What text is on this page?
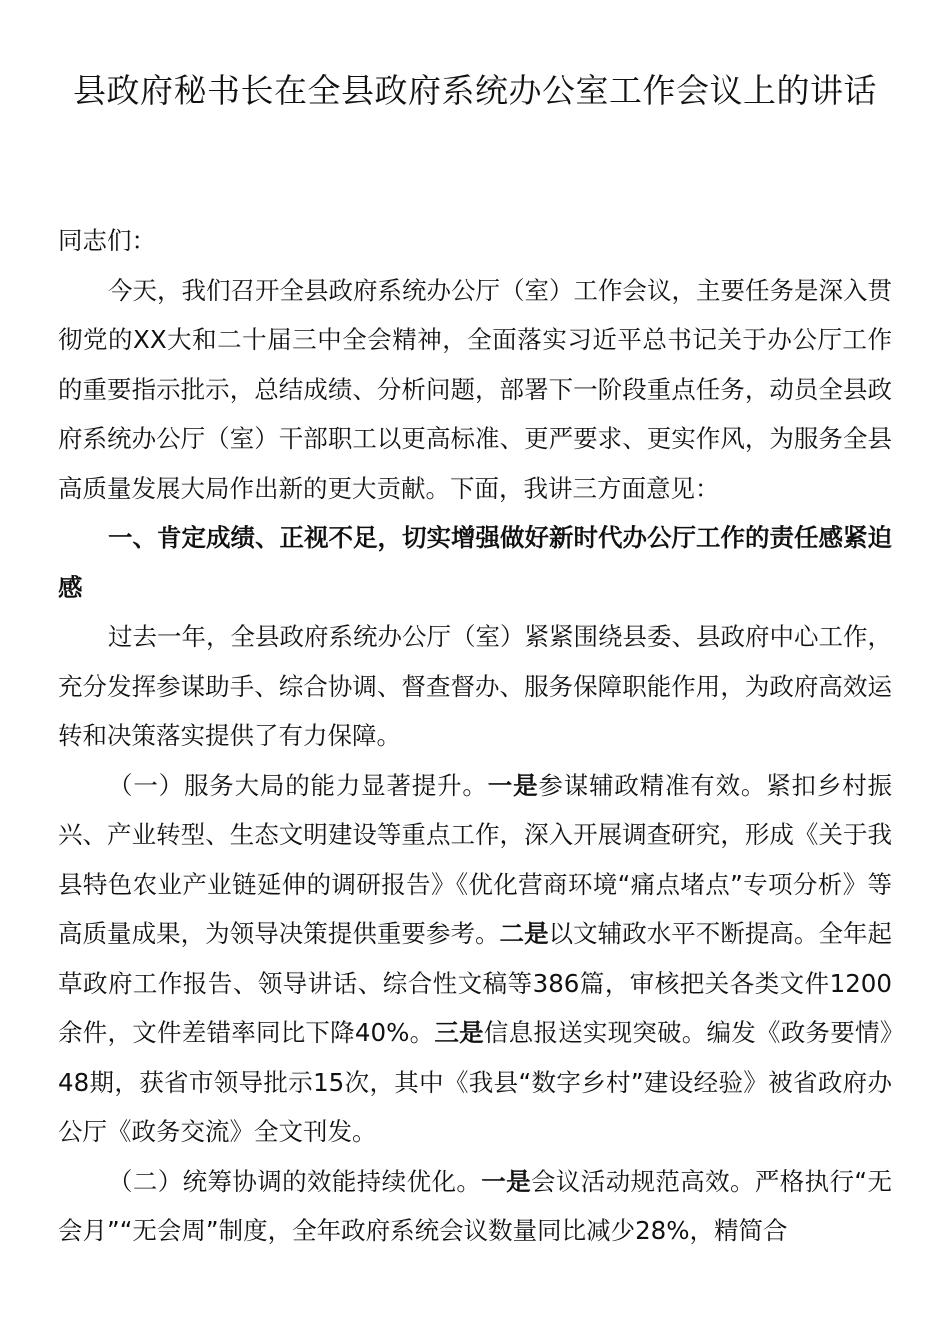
县政府秘书长在全县政府系统办公室工作会议上的讲话

同志们：

今天，我们召开全县政府系统办公厅（室）工作会议，主要任务是深入贯彻党的XX大和二十届三中全会精神，全面落实习近平总书记关于办公厅工作的重要指示批示，总结成绩、分析问题，部署下一阶段重点任务，动员全县政府系统办公厅（室）干部职工以更高标准、更严要求、更实作风，为服务全县高质量发展大局作出新的更大贡献。下面，我讲三方面意见：

一、肯定成绩、正视不足，切实增强做好新时代办公厅工作的责任感紧迫感

过去一年，全县政府系统办公厅（室）紧紧围绕县委、县政府中心工作，充分发挥参谋助手、综合协调、督查督办、服务保障职能作用，为政府高效运转和决策落实提供了有力保障。

（一）服务大局的能力显著提升。一是参谋辅政精准有效。紧扣乡村振兴、产业转型、生态文明建设等重点工作，深入开展调查研究，形成《关于我县特色农业产业链延伸的调研报告》《优化营商环境“痛点堵点”专项分析》等高质量成果，为领导决策提供重要参考。二是以文辅政水平不断提高。全年起草政府工作报告、领导讲话、综合性文稿等386篇，审核把关各类文件1200余件，文件差错率同比下降40%。三是信息报送实现突破。编发《政务要情》48期，获省市领导批示15次，其中《我县“数字乡村”建设经验》被省政府办公厅《政务交流》全文刊发。

（二）统筹协调的效能持续优化。一是会议活动规范高效。严格执行“无会月”“无会周”制度，全年政府系统会议数量同比减少28%，精简合
